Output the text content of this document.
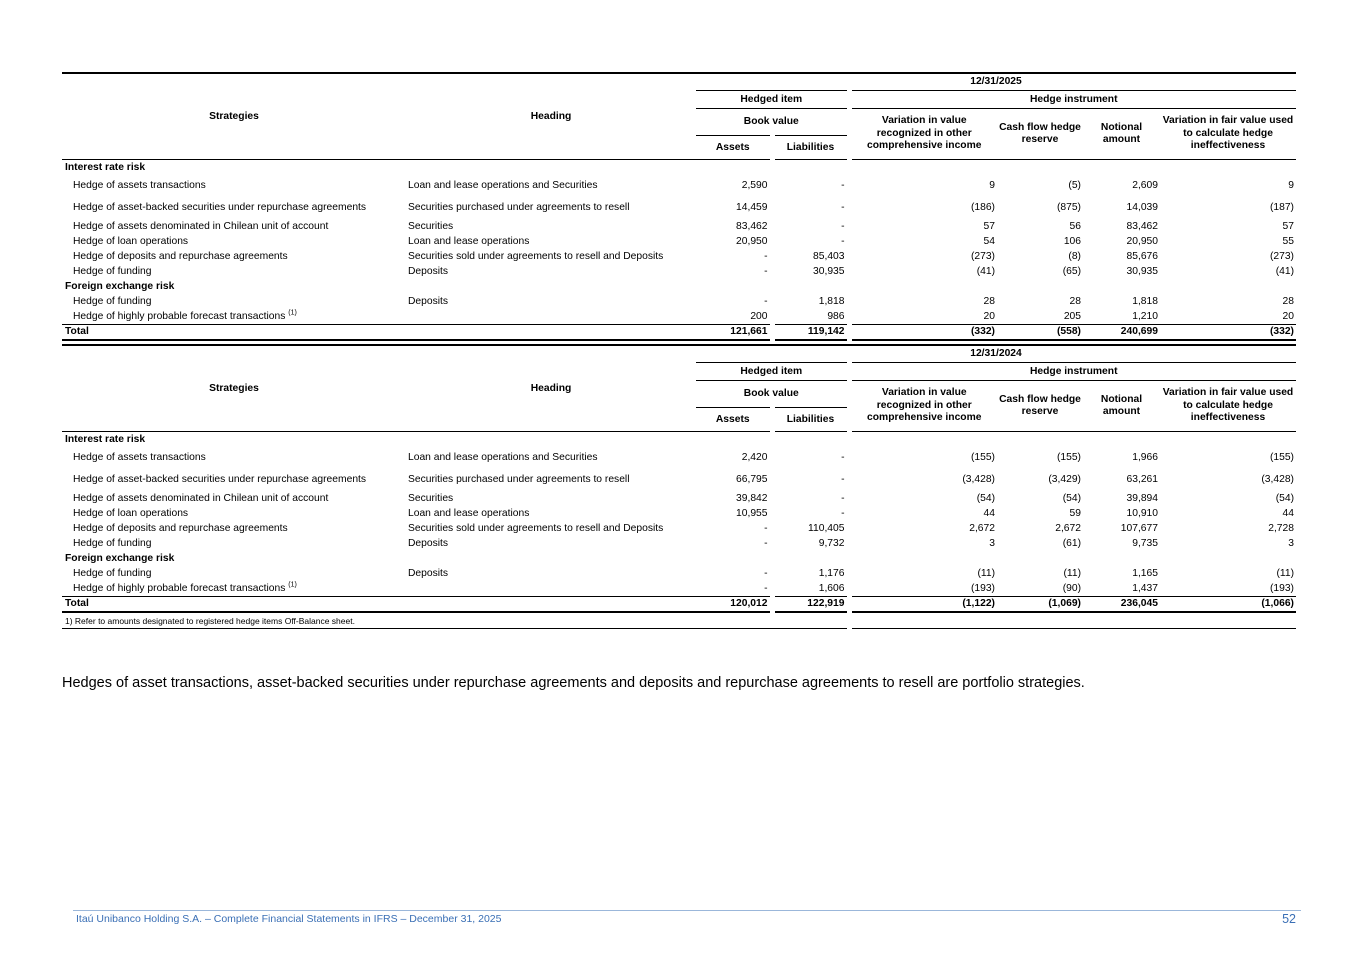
Strategies Heading		12/31/2025					
		Hedged item		Hedge instrument			
		Book value		Variation in value recognized in other comprehensive income	Cash flow hedge reserve	Notional amount	Variation in fair value used to calculate hedge ineffectiveness
		Assets	Liabilities				
Interest rate risk							
Hedge of assets transactions	Loan and lease operations and Securities	2,590	-	9	(5)	2,609	9
Hedge of asset-backed securities under repurchase agreements	Securities purchased under agreements to resell	14,459	-	(186)	(875)	14,039	(187)
Hedge of assets denominated in Chilean unit of account	Securities	83,462	-	57	56	83,462	57
Hedge of loan operations	Loan and lease operations	20,950	-	54	106	20,950	55
Hedge of deposits and repurchase agreements	Securities sold under agreements to resell and Deposits	-	85,403	(273)	(8)	85,676	(273)
Hedge of funding	Deposits	-	30,935	(41)	(65)	30,935	(41)
Foreign exchange risk							
Hedge of funding	Deposits	-	1,818	28	28	1,818	28
Hedge of highly probable forecast transactions $^{(1)}$		200	986	20	205	1,210	20
Total		121,661	119,142	(332)	(558)	240,699	(332)

Strategies Heading		12/31/2024					
		Hedged item		Hedge instrument			
		Book value		Variation in value recognized in other comprehensive income	Cash flow hedge reserve	Notional amount	Variation in fair value used to calculate hedge ineffectiveness
		Assets	Liabilities				
Interest rate risk							
Hedge of assets transactions	Loan and lease operations and Securities	2,420	-	(155)	(155)	1,966	(155)
Hedge of asset-backed securities under repurchase agreements	Securities purchased under agreements to resell	66,795	-	(3,428)	(3,429)	63,261	(3,428)
Hedge of assets denominated in Chilean unit of account	Securities	39,842	-	(54)	(54)	39,894	(54)
Hedge of loan operations	Loan and lease operations	10,955	-	44	59	10,910	44
Hedge of deposits and repurchase agreements	Securities sold under agreements to resell and Deposits	-	110,405	2,672	2,672	107,677	2,728
Hedge of funding	Deposits	-	9,732	3	(61)	9,735	3
Foreign exchange risk							
Hedge of funding	Deposits	-	1,176	(11)	(11)	1,165	(11)
Hedge of highly probable forecast transactions $^{(1)}$		-	1,606	(193)	(90)	1,437	(193)
Total		120,012	122,919	(1,122)	(1,069)	236,045	(1,066)
1) Refer to amounts designated to registered hedge items Off-Balance sheet.							

Hedges of asset transactions, asset-backed securities under repurchase agreements and deposits and repurchase agreements to resell are portfolio strategies.

Itaú Unibanco Holding S.A. – Complete Financial Statements in IFRS – December 31, 2025	52
